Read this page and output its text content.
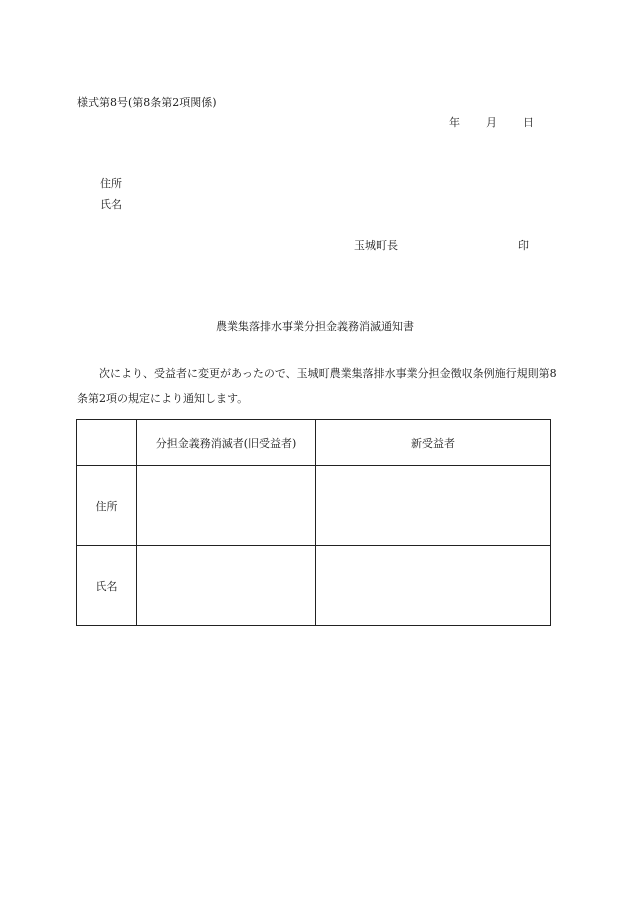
様式第8号(第8条第2項関係)
年 月 日
住所
氏名
玉城町長	印
農業集落排水事業分担金義務消滅通知書
次により、受益者に変更があったので、玉城町農業集落排水事業分担金徴収条例施行規則第8条第2項の規定により通知します。
	分担金義務消滅者(旧受益者)	新受益者
住所		
氏名		
